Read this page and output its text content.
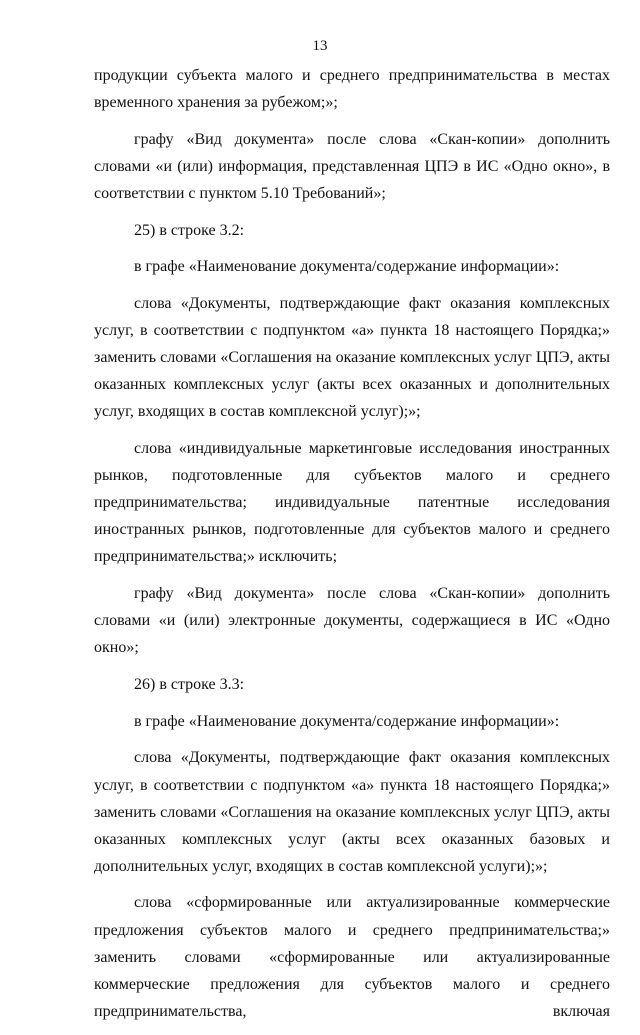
13

продукции субъекта малого и среднего предпринимательства в местах временного хранения за рубежом;»;

графу «Вид документа» после слова «Скан-копии» дополнить словами «и (или) информация, представленная ЦПЭ в ИС «Одно окно», в соответствии с пунктом 5.10 Требований»;

25) в строке 3.2:

в графе «Наименование документа/содержание информации»:

слова «Документы, подтверждающие факт оказания комплексных услуг, в соответствии с подпунктом «а» пункта 18 настоящего Порядка;» заменить словами «Соглашения на оказание комплексных услуг ЦПЭ, акты оказанных комплексных услуг (акты всех оказанных и дополнительных услуг, входящих в состав комплексной услуг);»;

слова «индивидуальные маркетинговые исследования иностранных рынков, подготовленные для субъектов малого и среднего предпринимательства; индивидуальные патентные исследования иностранных рынков, подготовленные для субъектов малого и среднего предпринимательства;» исключить;

графу «Вид документа» после слова «Скан-копии» дополнить словами «и (или) электронные документы, содержащиеся в ИС «Одно окно»;

26) в строке 3.3:

в графе «Наименование документа/содержание информации»:

слова «Документы, подтверждающие факт оказания комплексных услуг, в соответствии с подпунктом «а» пункта 18 настоящего Порядка;» заменить словами «Соглашения на оказание комплексных услуг ЦПЭ, акты оказанных комплексных услуг (акты всех оказанных базовых и дополнительных услуг, входящих в состав комплексной услуги);»;

слова «сформированные или актуализированные коммерческие предложения субъектов малого и среднего предпринимательства;» заменить словами «сформированные или актуализированные коммерческие предложения для субъектов малого и среднего предпринимательства, включая
